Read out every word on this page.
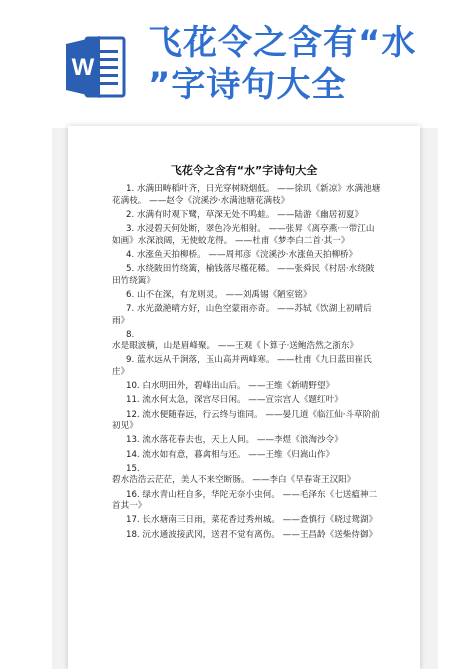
W
飞花令之含有“水
”字诗句大全
飞花令之含有“水”字诗句大全
1. 水满田畴稻叶齐，日光穿树晓烟低。 ——徐玑《新凉》水满池塘花满枝。 ——赵令《浣溪沙·水满池塘花满枝》
2. 水满有时观下鹭，草深无处不鸣蛙。 ——陆游《幽居初夏》
3. 水浸碧天何处断，翠色冷光相射。 ——张昇《离亭燕·一带江山如画》水深浪阔，无使蛟龙得。 ——杜甫《梦李白二首·其一》
4. 水涨鱼天拍柳桥。 ——周邦彦《浣溪沙·水涨鱼天拍柳桥》
5. 水绕陂田竹绕篱，榆钱落尽槿花稀。 ——张舜民《村居·水绕陂田竹绕篱》
6. 山不在深，有龙则灵。 ——刘禹锡《陋室铭》
7. 水光潋滟晴方好，山色空蒙雨亦奇。 ——苏轼《饮湖上初晴后雨》
8. 水是眼波横，山是眉峰聚。 ——王观《卜算子·送鲍浩然之浙东》
9. 蓝水远从千涧落，玉山高并两峰寒。 ——杜甫《九日蓝田崔氏庄》
10. 白水明田外，碧峰出山后。 ——王维《新晴野望》
11. 流水何太急，深宫尽日闲。 ——宣宗宫人《题红叶》
12. 流水便随春远，行云终与谁同。 ——晏几道《临江仙·斗草阶前初见》
13. 流水落花春去也，天上人间。 ——李煜《浪淘沙令》
14. 流水如有意，暮禽相与还。 ——王维《归嵩山作》
15. 碧水浩浩云茫茫，美人不来空断肠。 ——李白《早春寄王汉阳》
16. 绿水青山枉自多，华陀无奈小虫何。 ——毛泽东《七送瘟神二首其一》
17. 长水塘南三日雨，菜花香过秀州城。 ——查慎行《晓过鸳湖》
18. 沅水通波接武冈，送君不觉有离伤。 ——王昌龄《送柴侍御》
